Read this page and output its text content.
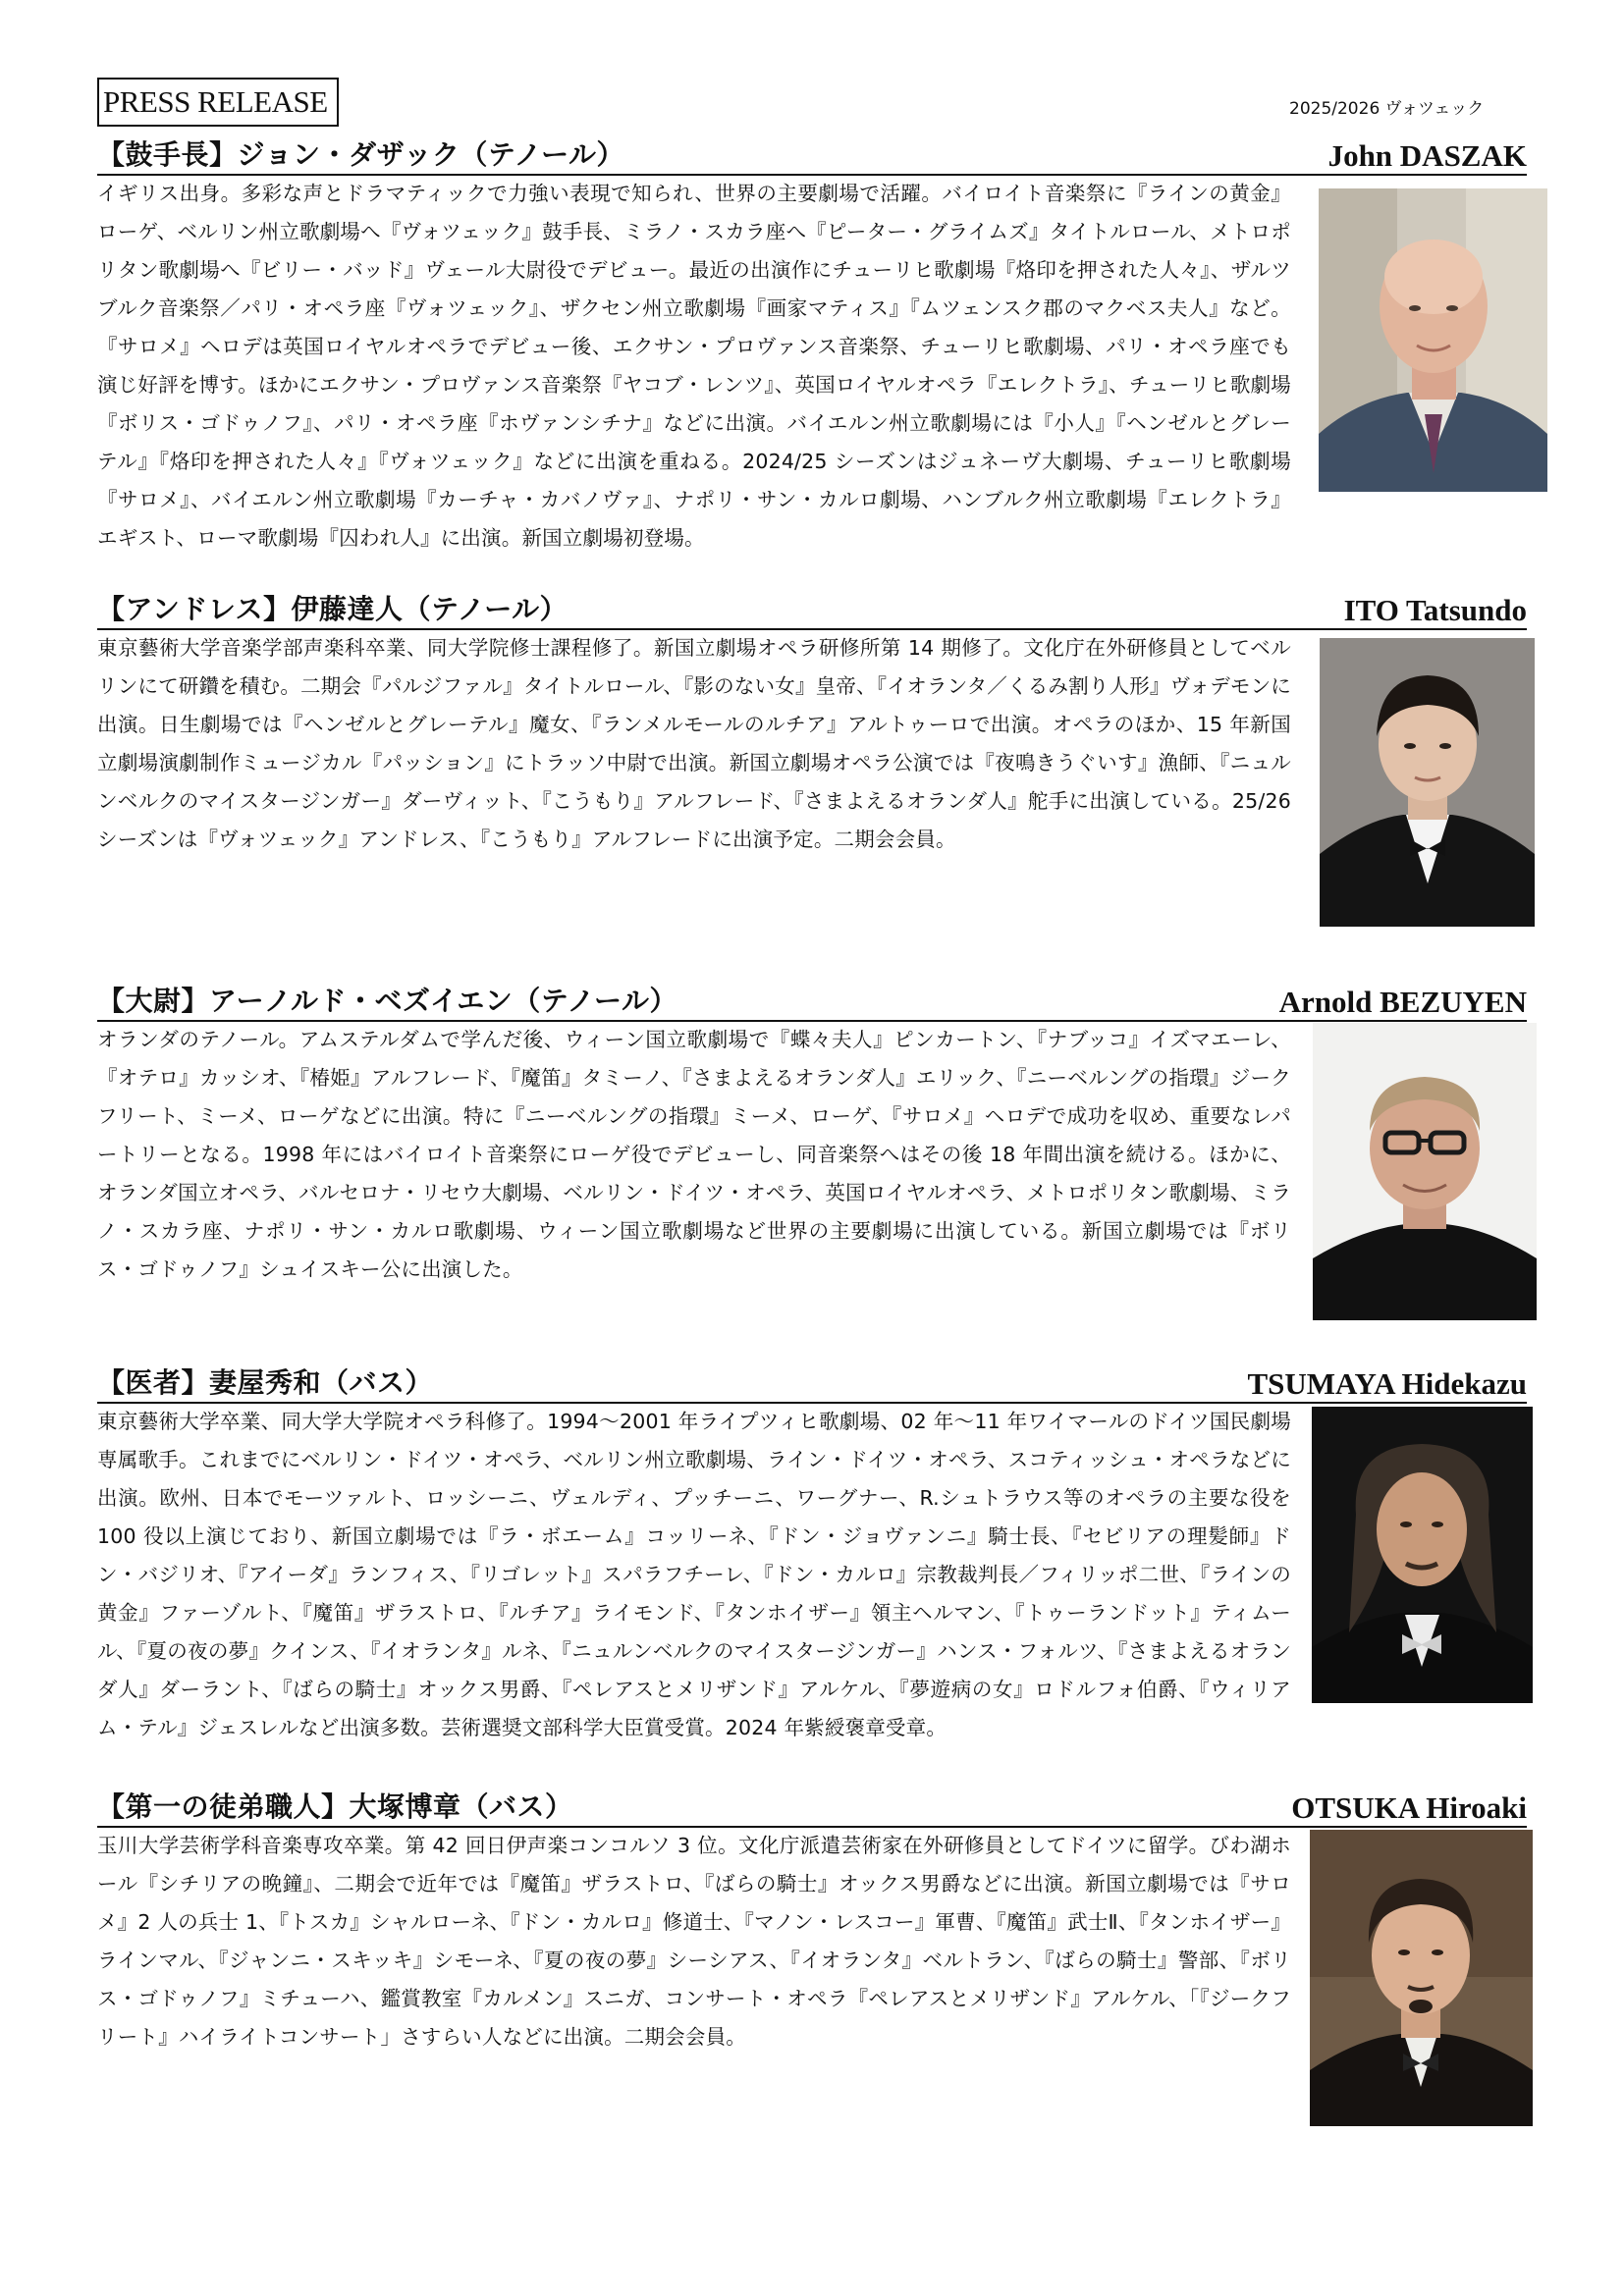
PRESS RELEASE	2025/2026 ヴォツェック
【鼓手長】ジョン・ダザック（テノール）	John DASZAK
イギリス出身。多彩な声とドラマティックで力強い表現で知られ、世界の主要劇場で活躍。バイロイト音楽祭に『ラインの黄金』ローゲ、ベルリン州立歌劇場へ『ヴォツェック』鼓手長、ミラノ・スカラ座へ『ピーター・グライムズ』タイトルロール、メトロポリタン歌劇場へ『ビリー・バッド』ヴェール大尉役でデビュー。最近の出演作にチューリヒ歌劇場『烙印を押された人々』、ザルツブルク音楽祭／パリ・オペラ座『ヴォツェック』、ザクセン州立歌劇場『画家マティス』『ムツェンスク郡のマクベス夫人』など。『サロメ』ヘロデは英国ロイヤルオペラでデビュー後、エクサン・プロヴァンス音楽祭、チューリヒ歌劇場、パリ・オペラ座でも演じ好評を博す。ほかにエクサン・プロヴァンス音楽祭『ヤコブ・レンツ』、英国ロイヤルオペラ『エレクトラ』、チューリヒ歌劇場『ボリス・ゴドゥノフ』、パリ・オペラ座『ホヴァンシチナ』などに出演。バイエルン州立歌劇場には『小人』『ヘンゼルとグレーテル』『烙印を押された人々』『ヴォツェック』などに出演を重ねる。2024/25 シーズンはジュネーヴ大劇場、チューリヒ歌劇場『サロメ』、バイエルン州立歌劇場『カーチャ・カバノヴァ』、ナポリ・サン・カルロ劇場、ハンブルク州立歌劇場『エレクトラ』エギスト、ローマ歌劇場『囚われ人』に出演。新国立劇場初登場。
【アンドレス】伊藤達人（テノール）	ITO Tatsundo
東京藝術大学音楽学部声楽科卒業、同大学院修士課程修了。新国立劇場オペラ研修所第 14 期修了。文化庁在外研修員としてベルリンにて研鑽を積む。二期会『パルジファル』タイトルロール、『影のない女』皇帝、『イオランタ／くるみ割り人形』ヴォデモンに出演。日生劇場では『ヘンゼルとグレーテル』魔女、『ランメルモールのルチア』アルトゥーロで出演。オペラのほか、15 年新国立劇場演劇制作ミュージカル『パッション』にトラッソ中尉で出演。新国立劇場オペラ公演では『夜鳴きうぐいす』漁師、『ニュルンベルクのマイスタージンガー』ダーヴィット、『こうもり』アルフレード、『さまよえるオランダ人』舵手に出演している。25/26 シーズンは『ヴォツェック』アンドレス、『こうもり』アルフレードに出演予定。二期会会員。
【大尉】アーノルド・ベズイエン（テノール）	Arnold BEZUYEN
オランダのテノール。アムステルダムで学んだ後、ウィーン国立歌劇場で『蝶々夫人』ピンカートン、『ナブッコ』イズマエーレ、『オテロ』カッシオ、『椿姫』アルフレード、『魔笛』タミーノ、『さまよえるオランダ人』エリック、『ニーベルングの指環』ジークフリート、ミーメ、ローゲなどに出演。特に『ニーベルングの指環』ミーメ、ローゲ、『サロメ』ヘロデで成功を収め、重要なレパートリーとなる。1998 年にはバイロイト音楽祭にローゲ役でデビューし、同音楽祭へはその後 18 年間出演を続ける。ほかに、オランダ国立オペラ、バルセロナ・リセウ大劇場、ベルリン・ドイツ・オペラ、英国ロイヤルオペラ、メトロポリタン歌劇場、ミラノ・スカラ座、ナポリ・サン・カルロ歌劇場、ウィーン国立歌劇場など世界の主要劇場に出演している。新国立劇場では『ボリス・ゴドゥノフ』シュイスキー公に出演した。
【医者】妻屋秀和（バス）	TSUMAYA Hidekazu
東京藝術大学卒業、同大学大学院オペラ科修了。1994～2001 年ライプツィヒ歌劇場、02 年～11 年ワイマールのドイツ国民劇場専属歌手。これまでにベルリン・ドイツ・オペラ、ベルリン州立歌劇場、ライン・ドイツ・オペラ、スコティッシュ・オペラなどに出演。欧州、日本でモーツァルト、ロッシーニ、ヴェルディ、プッチーニ、ワーグナー、R.シュトラウス等のオペラの主要な役を 100 役以上演じており、新国立劇場では『ラ・ボエーム』コッリーネ、『ドン・ジョヴァンニ』騎士長、『セビリアの理髪師』ドン・バジリオ、『アイーダ』ランフィス、『リゴレット』スパラフチーレ、『ドン・カルロ』宗教裁判長／フィリッポ二世、『ラインの黄金』ファーゾルト、『魔笛』ザラストロ、『ルチア』ライモンド、『タンホイザー』領主ヘルマン、『トゥーランドット』ティムール、『夏の夜の夢』クインス、『イオランタ』ルネ、『ニュルンベルクのマイスタージンガー』ハンス・フォルツ、『さまよえるオランダ人』ダーラント、『ばらの騎士』オックス男爵、『ペレアスとメリザンド』アルケル、『夢遊病の女』ロドルフォ伯爵、『ウィリアム・テル』ジェスレルなど出演多数。芸術選奨文部科学大臣賞受賞。2024 年紫綬褒章受章。
【第一の徒弟職人】大塚博章（バス）	OTSUKA Hiroaki
玉川大学芸術学科音楽専攻卒業。第 42 回日伊声楽コンコルソ 3 位。文化庁派遣芸術家在外研修員としてドイツに留学。びわ湖ホール『シチリアの晩鐘』、二期会で近年では『魔笛』ザラストロ、『ばらの騎士』オックス男爵などに出演。新国立劇場では『サロメ』2 人の兵士 1、『トスカ』シャルローネ、『ドン・カルロ』修道士、『マノン・レスコー』軍曹、『魔笛』武士Ⅱ、『タンホイザー』ラインマル、『ジャンニ・スキッキ』シモーネ、『夏の夜の夢』シーシアス、『イオランタ』ベルトラン、『ばらの騎士』警部、『ボリス・ゴドゥノフ』ミチューハ、鑑賞教室『カルメン』スニガ、コンサート・オペラ『ペレアスとメリザンド』アルケル、「『ジークフリート』ハイライトコンサート」さすらい人などに出演。二期会会員。
